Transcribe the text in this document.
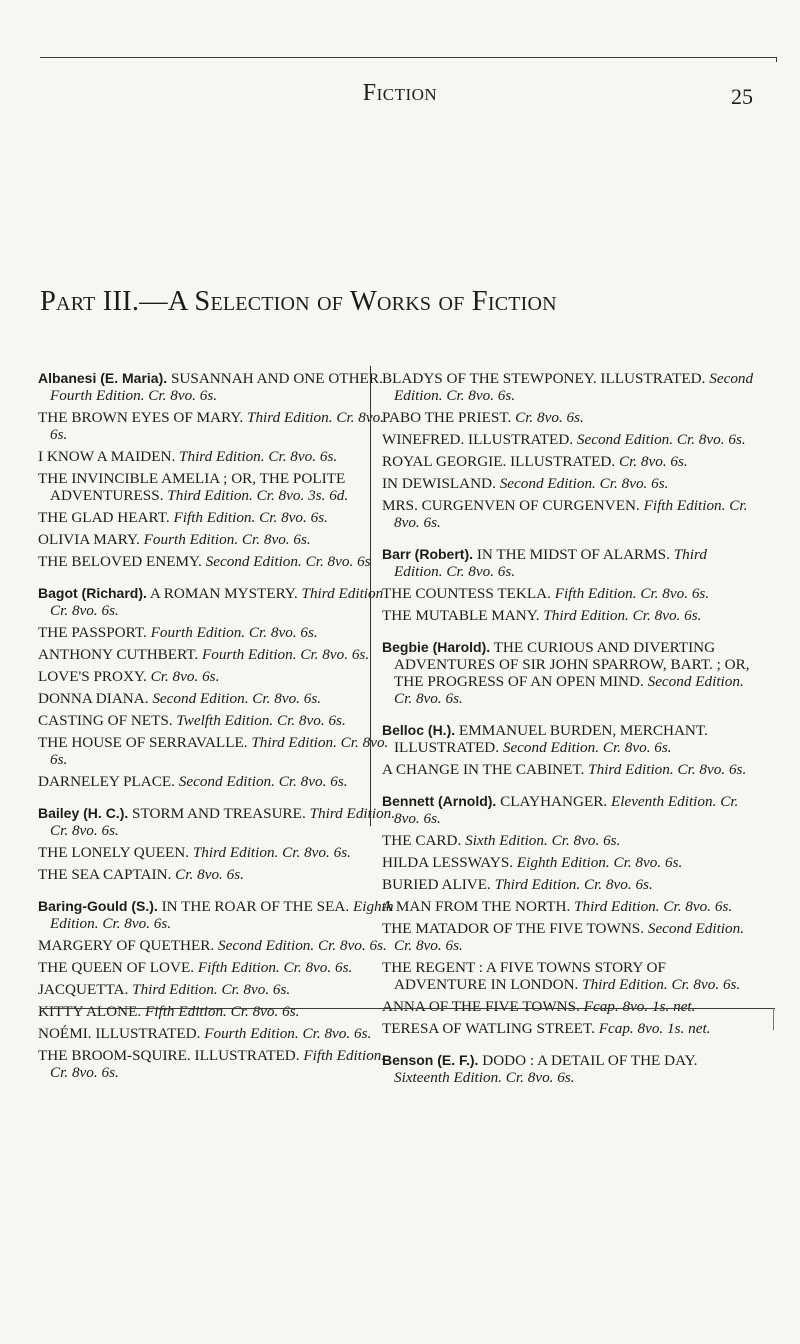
Fiction	25
Part III.—A Selection of Works of Fiction
Albanesi (E. Maria). SUSANNAH AND ONE OTHER. Fourth Edition. Cr. 8vo. 6s.
THE BROWN EYES OF MARY. Third Edition. Cr. 8vo. 6s.
I KNOW A MAIDEN. Third Edition. Cr. 8vo. 6s.
THE INVINCIBLE AMELIA ; OR, THE POLITE ADVENTURESS. Third Edition. Cr. 8vo. 3s. 6d.
THE GLAD HEART. Fifth Edition. Cr. 8vo. 6s.
OLIVIA MARY. Fourth Edition. Cr. 8vo. 6s.
THE BELOVED ENEMY. Second Edition. Cr. 8vo. 6s
Bagot (Richard). A ROMAN MYSTERY. Third Edition Cr. 8vo. 6s.
THE PASSPORT. Fourth Edition. Cr. 8vo. 6s.
ANTHONY CUTHBERT. Fourth Edition. Cr. 8vo. 6s.
LOVE'S PROXY. Cr. 8vo. 6s.
DONNA DIANA. Second Edition. Cr. 8vo. 6s.
CASTING OF NETS. Twelfth Edition. Cr. 8vo. 6s.
THE HOUSE OF SERRAVALLE. Third Edition. Cr. 8vo. 6s.
DARNELEY PLACE. Second Edition. Cr. 8vo. 6s.
Bailey (H. C.). STORM AND TREASURE. Third Edition. Cr. 8vo. 6s.
THE LONELY QUEEN. Third Edition. Cr. 8vo. 6s.
THE SEA CAPTAIN. Cr. 8vo. 6s.
Baring-Gould (S.). IN THE ROAR OF THE SEA. Eighth Edition. Cr. 8vo. 6s.
MARGERY OF QUETHER. Second Edition. Cr. 8vo. 6s.
THE QUEEN OF LOVE. Fifth Edition. Cr. 8vo. 6s.
JACQUETTA. Third Edition. Cr. 8vo. 6s.
KITTY ALONE. Fifth Edition. Cr. 8vo. 6s.
NOÉMI. ILLUSTRATED. Fourth Edition. Cr. 8vo. 6s.
THE BROOM-SQUIRE. ILLUSTRATED. Fifth Edition. Cr. 8vo. 6s.
BLADYS OF THE STEWPONEY. ILLUSTRATED. Second Edition. Cr. 8vo. 6s.
PABO THE PRIEST. Cr. 8vo. 6s.
WINEFRED. ILLUSTRATED. Second Edition. Cr. 8vo. 6s.
ROYAL GEORGIE. ILLUSTRATED. Cr. 8vo. 6s.
IN DEWISLAND. Second Edition. Cr. 8vo. 6s.
MRS. CURGENVEN OF CURGENVEN. Fifth Edition. Cr. 8vo. 6s.
Barr (Robert). IN THE MIDST OF ALARMS. Third Edition. Cr. 8vo. 6s.
THE COUNTESS TEKLA. Fifth Edition. Cr. 8vo. 6s.
THE MUTABLE MANY. Third Edition. Cr. 8vo. 6s.
Begbie (Harold). THE CURIOUS AND DIVERTING ADVENTURES OF SIR JOHN SPARROW, BART. ; OR, THE PROGRESS OF AN OPEN MIND. Second Edition. Cr. 8vo. 6s.
Belloc (H.). EMMANUEL BURDEN, MERCHANT. ILLUSTRATED. Second Edition. Cr. 8vo. 6s.
A CHANGE IN THE CABINET. Third Edition. Cr. 8vo. 6s.
Bennett (Arnold). CLAYHANGER. Eleventh Edition. Cr. 8vo. 6s.
THE CARD. Sixth Edition. Cr. 8vo. 6s.
HILDA LESSWAYS. Eighth Edition. Cr. 8vo. 6s.
BURIED ALIVE. Third Edition. Cr. 8vo. 6s.
A MAN FROM THE NORTH. Third Edition. Cr. 8vo. 6s.
THE MATADOR OF THE FIVE TOWNS. Second Edition. Cr. 8vo. 6s.
THE REGENT : A FIVE TOWNS STORY OF ADVENTURE IN LONDON. Third Edition. Cr. 8vo. 6s.
ANNA OF THE FIVE TOWNS. Fcap. 8vo. 1s. net.
TERESA OF WATLING STREET. Fcap. 8vo. 1s. net.
Benson (E. F.). DODO : A DETAIL OF THE DAY. Sixteenth Edition. Cr. 8vo. 6s.
